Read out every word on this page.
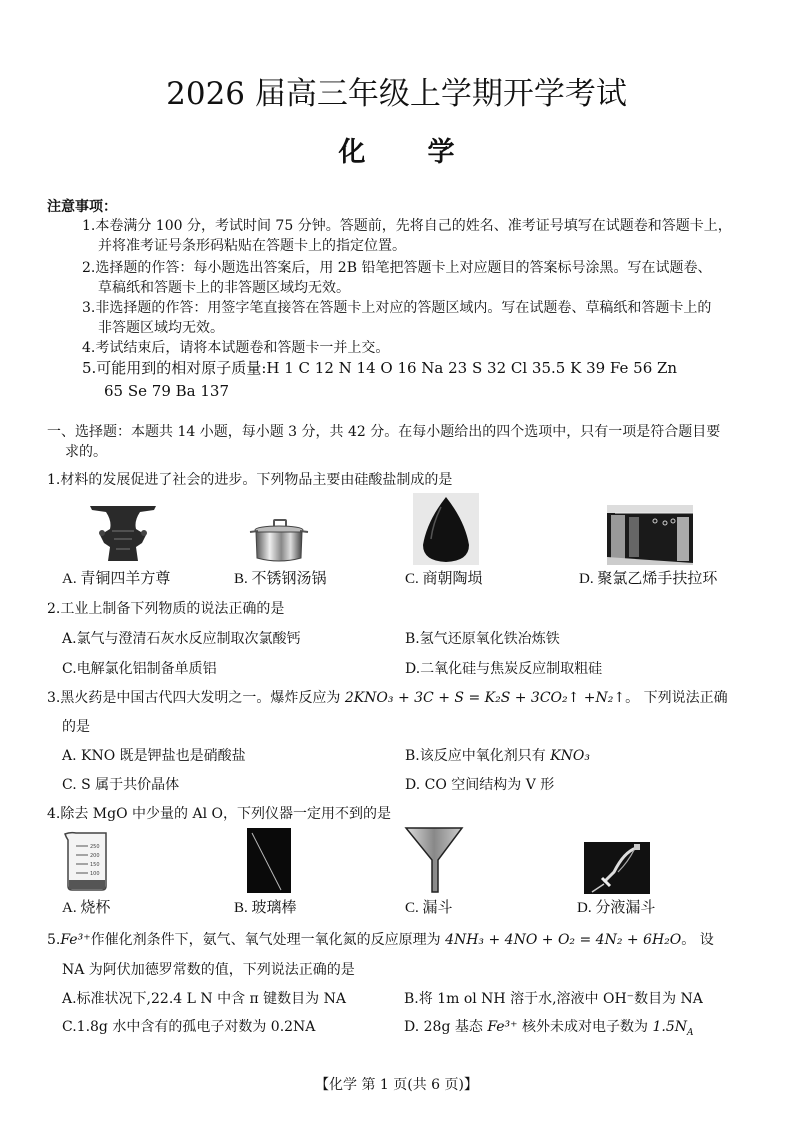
2026 届高三年级上学期开学考试
化 学
注意事项：
1.本卷满分 100 分，考试时间 75 分钟。答题前，先将自己的姓名、准考证号填写在试题卷和答题卡上，
并将准考证号条形码粘贴在答题卡上的指定位置。
2.选择题的作答：每小题选出答案后，用 2B 铅笔把答题卡上对应题目的答案标号涂黑。写在试题卷、
草稿纸和答题卡上的非答题区域均无效。
3.非选择题的作答：用签字笔直接答在答题卡上对应的答题区域内。写在试题卷、草稿纸和答题卡上的
非答题区域均无效。
4.考试结束后，请将本试题卷和答题卡一并上交。
5.可能用到的相对原子质量:H 1 C 12 N 14 O 16 Na 23 S 32 Cl 35.5 K 39 Fe 56 Zn
65 Se 79 Ba 137
一、选择题：本题共 14 小题，每小题 3 分，共 42 分。在每小题给出的四个选项中，只有一项是符合题目要
求的。
1.材料的发展促进了社会的进步。下列物品主要由硅酸盐制成的是
A. 青铜四羊方尊	B. 不锈钢汤锅	C. 商朝陶埙	D. 聚氯乙烯手扶拉环
2.工业上制备下列物质的说法正确的是
A.氯气与澄清石灰水反应制取次氯酸钙	B.氢气还原氧化铁冶炼铁
C.电解氯化铝制备单质铝	D.二氧化硅与焦炭反应制取粗硅
3.黑火药是中国古代四大发明之一。爆炸反应为 2KNO₃ + 3C + S = K₂S + 3CO₂↑ +N₂↑。 下列说法正确
的是
A. KNO 既是钾盐也是硝酸盐	B.该反应中氧化剂只有 KNO₃
C. S 属于共价晶体	D. CO 空间结构为 V 形
4.除去 MgO 中少量的 Al O，下列仪器一定用不到的是
250
200
150
100
A. 烧杯	B. 玻璃棒	C. 漏斗	D. 分液漏斗
5.Fe³⁺作催化剂条件下，氨气、氧气处理一氧化氮的反应原理为 4NH₃ + 4NO + O₂ = 4N₂ + 6H₂O。 设
NA 为阿伏加德罗常数的值，下列说法正确的是
A.标准状况下,22.4 L N 中含 π 键数目为 NA	B.将 1m ol NH 溶于水,溶液中 OH⁻数目为 NA
C.1.8g 水中含有的孤电子对数为 0.2NA	D. 28g 基态 Fe³⁺ 核外未成对电子数为 $1.5N_A$
【化学 第 1 页(共 6 页)】
